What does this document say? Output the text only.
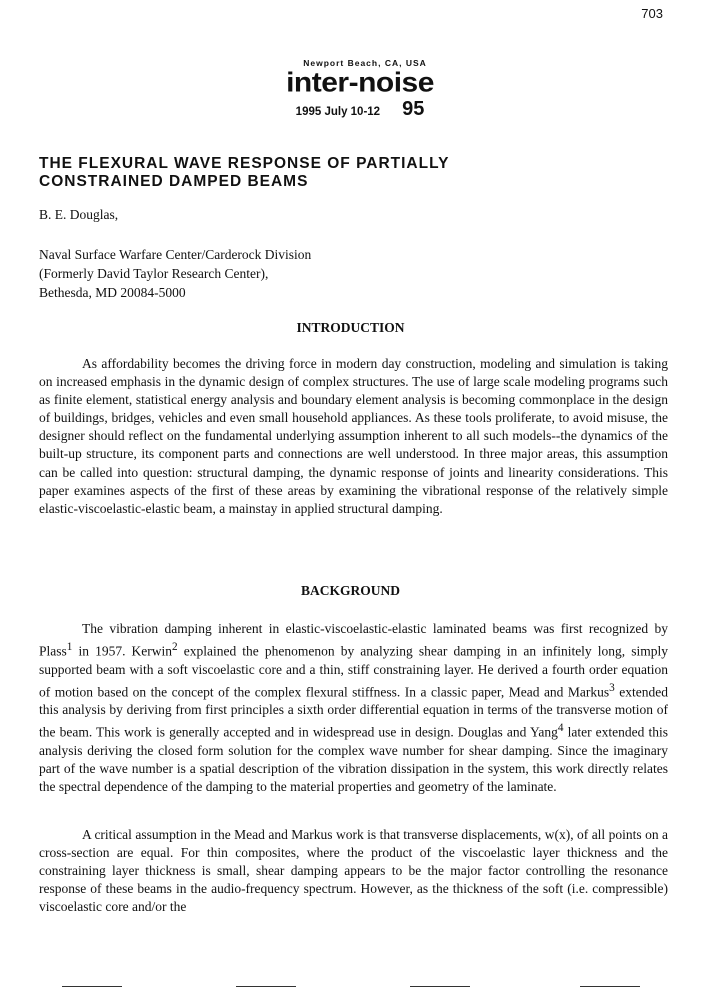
703
Newport Beach, CA, USA
inter-noise
1995 July 10-12 95
THE FLEXURAL WAVE RESPONSE OF PARTIALLY
CONSTRAINED DAMPED BEAMS
B. E. Douglas,
Naval Surface Warfare Center/Carderock Division
(Formerly David Taylor Research Center),
Bethesda, MD 20084-5000
INTRODUCTION

As affordability becomes the driving force in modern day construction, modeling and simulation is taking on increased emphasis in the dynamic design of complex structures. The use of large scale modeling programs such as finite element, statistical energy analysis and boundary element analysis is becoming commonplace in the design of buildings, bridges, vehicles and even small household appliances. As these tools proliferate, to avoid misuse, the designer should reflect on the fundamental underlying assumption inherent to all such models--the dynamics of the built-up structure, its component parts and connections are well understood. In three major areas, this assumption can be called into question: structural damping, the dynamic response of joints and linearity considerations. This paper examines aspects of the first of these areas by examining the vibrational response of the relatively simple elastic-viscoelastic-elastic beam, a mainstay in applied structural damping.

BACKGROUND

The vibration damping inherent in elastic-viscoelastic-elastic laminated beams was first recognized by Plass$^1$ in 1957. Kerwin$^2$ explained the phenomenon by analyzing shear damping in an infinitely long, simply supported beam with a soft viscoelastic core and a thin, stiff constraining layer. He derived a fourth order equation of motion based on the concept of the complex flexural stiffness. In a classic paper, Mead and Markus$^3$ extended this analysis by deriving from first principles a sixth order differential equation in terms of the transverse motion of the beam. This work is generally accepted and in widespread use in design. Douglas and Yang$^4$ later extended this analysis deriving the closed form solution for the complex wave number for shear damping. Since the imaginary part of the wave number is a spatial description of the vibration dissipation in the system, this work directly relates the spectral dependence of the damping to the material properties and geometry of the laminate.

A critical assumption in the Mead and Markus work is that transverse displacements, w(x), of all points on a cross-section are equal. For thin composites, where the product of the viscoelastic layer thickness and the constraining layer thickness is small, shear damping appears to be the major factor controlling the resonance response of these beams in the audio-frequency spectrum. However, as the thickness of the soft (i.e. compressible) viscoelastic core and/or the
